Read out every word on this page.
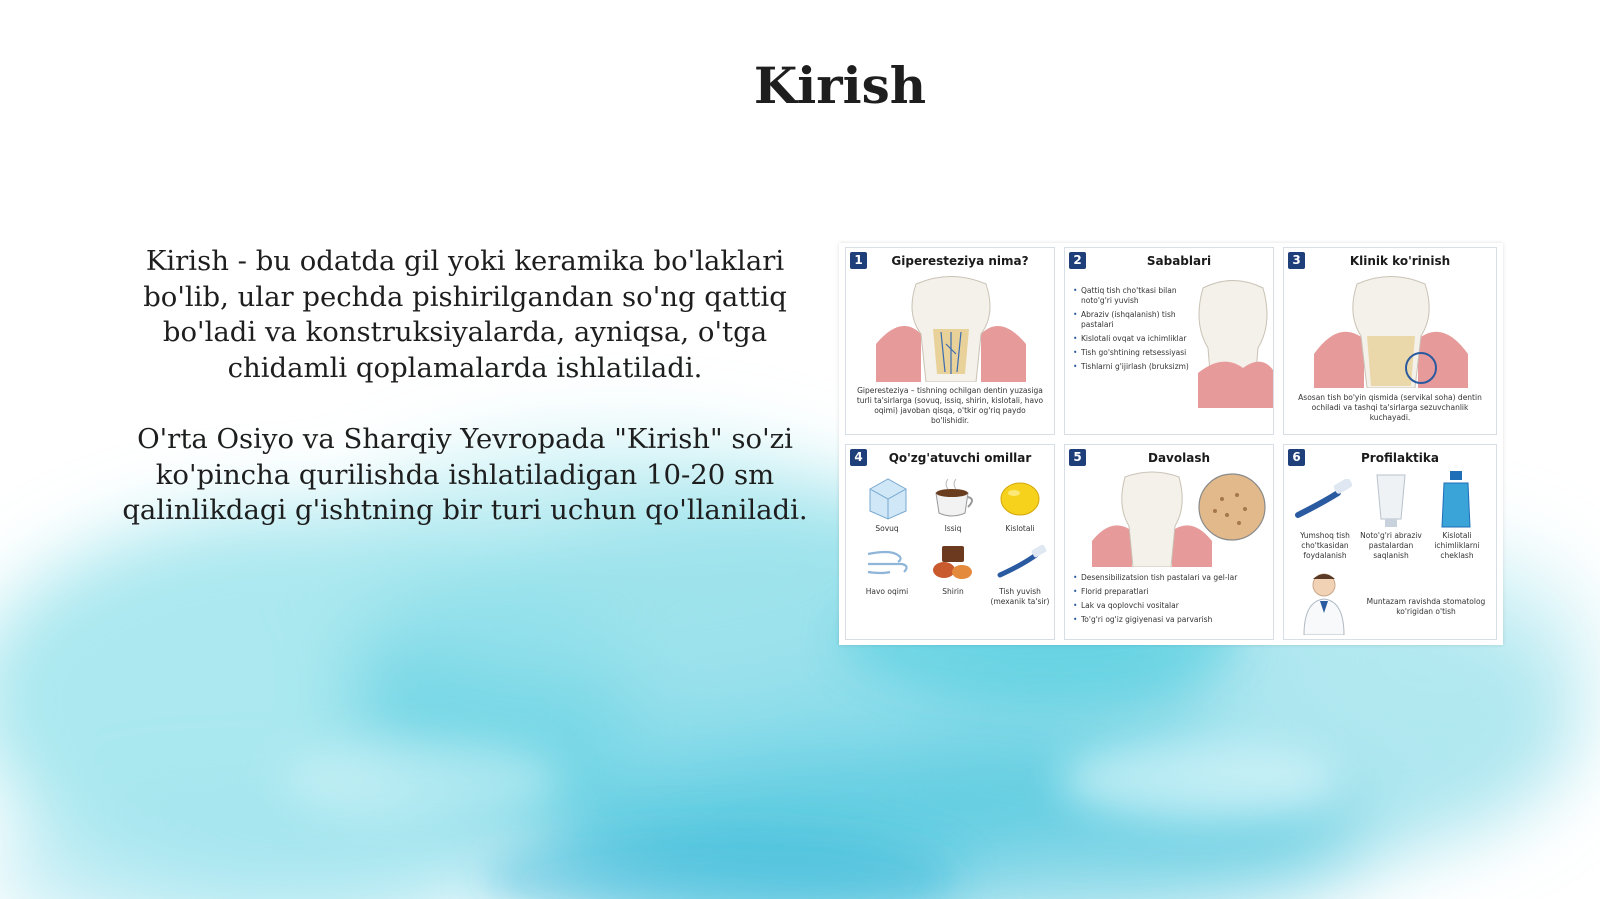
Kirish

Kirish - bu odatda gil yoki keramika bo'laklari bo'lib, ular pechda pishirilgandan so'ng qattiq bo'ladi va konstruksiyalarda, ayniqsa, o'tga chidamli qoplamalarda ishlatiladi.

O'rta Osiyo va Sharqiy Yevropada "Kirish" so'zi ko'pincha qurilishda ishlatiladigan 10-20 sm qalinlikdagi g'ishtning bir turi uchun qo'llaniladi.

1	Giperesteziya nima?
Giperesteziya – tishning ochilgan dentin yuzasiga turli ta'sirlarga (sovuq, issiq, shirin, kislotali, havo oqimi) javoban qisqa, o'tkir og'riq paydo bo'lishidir.
2	Sabablari
• Qattiq tish cho'tkasi bilan noto'g'ri yuvish
• Abraziv (ishqalanish) tish pastalari
• Kislotali ovqat va ichimliklar
• Tish go'shtining retsessiyasi
• Tishlarni g'ijirlash (bruksizm)
3	Klinik ko'rinish
Asosan tish bo'yin qismida (servikal soha) dentin ochiladi va tashqi ta'sirlarga sezuvchanlik kuchayadi.
4	Qo'zg'atuvchi omillar
Sovuq	Issiq	Kislotali
Havo oqimi	Shirin	Tish yuvish (mexanik ta'sir)
5	Davolash
• Desensibilizatsion tish pastalari va gel-lar
• Florid preparatlari
• Lak va qoplovchi vositalar
• To'g'ri og'iz gigiyenasi va parvarish
6	Profilaktika
Yumshoq tish cho'tkasidan foydalanish
Noto'g'ri abraziv pastalardan saqlanish
Kislotali ichimliklarni cheklash
Muntazam ravishda stomatolog ko'rigidan o'tish
